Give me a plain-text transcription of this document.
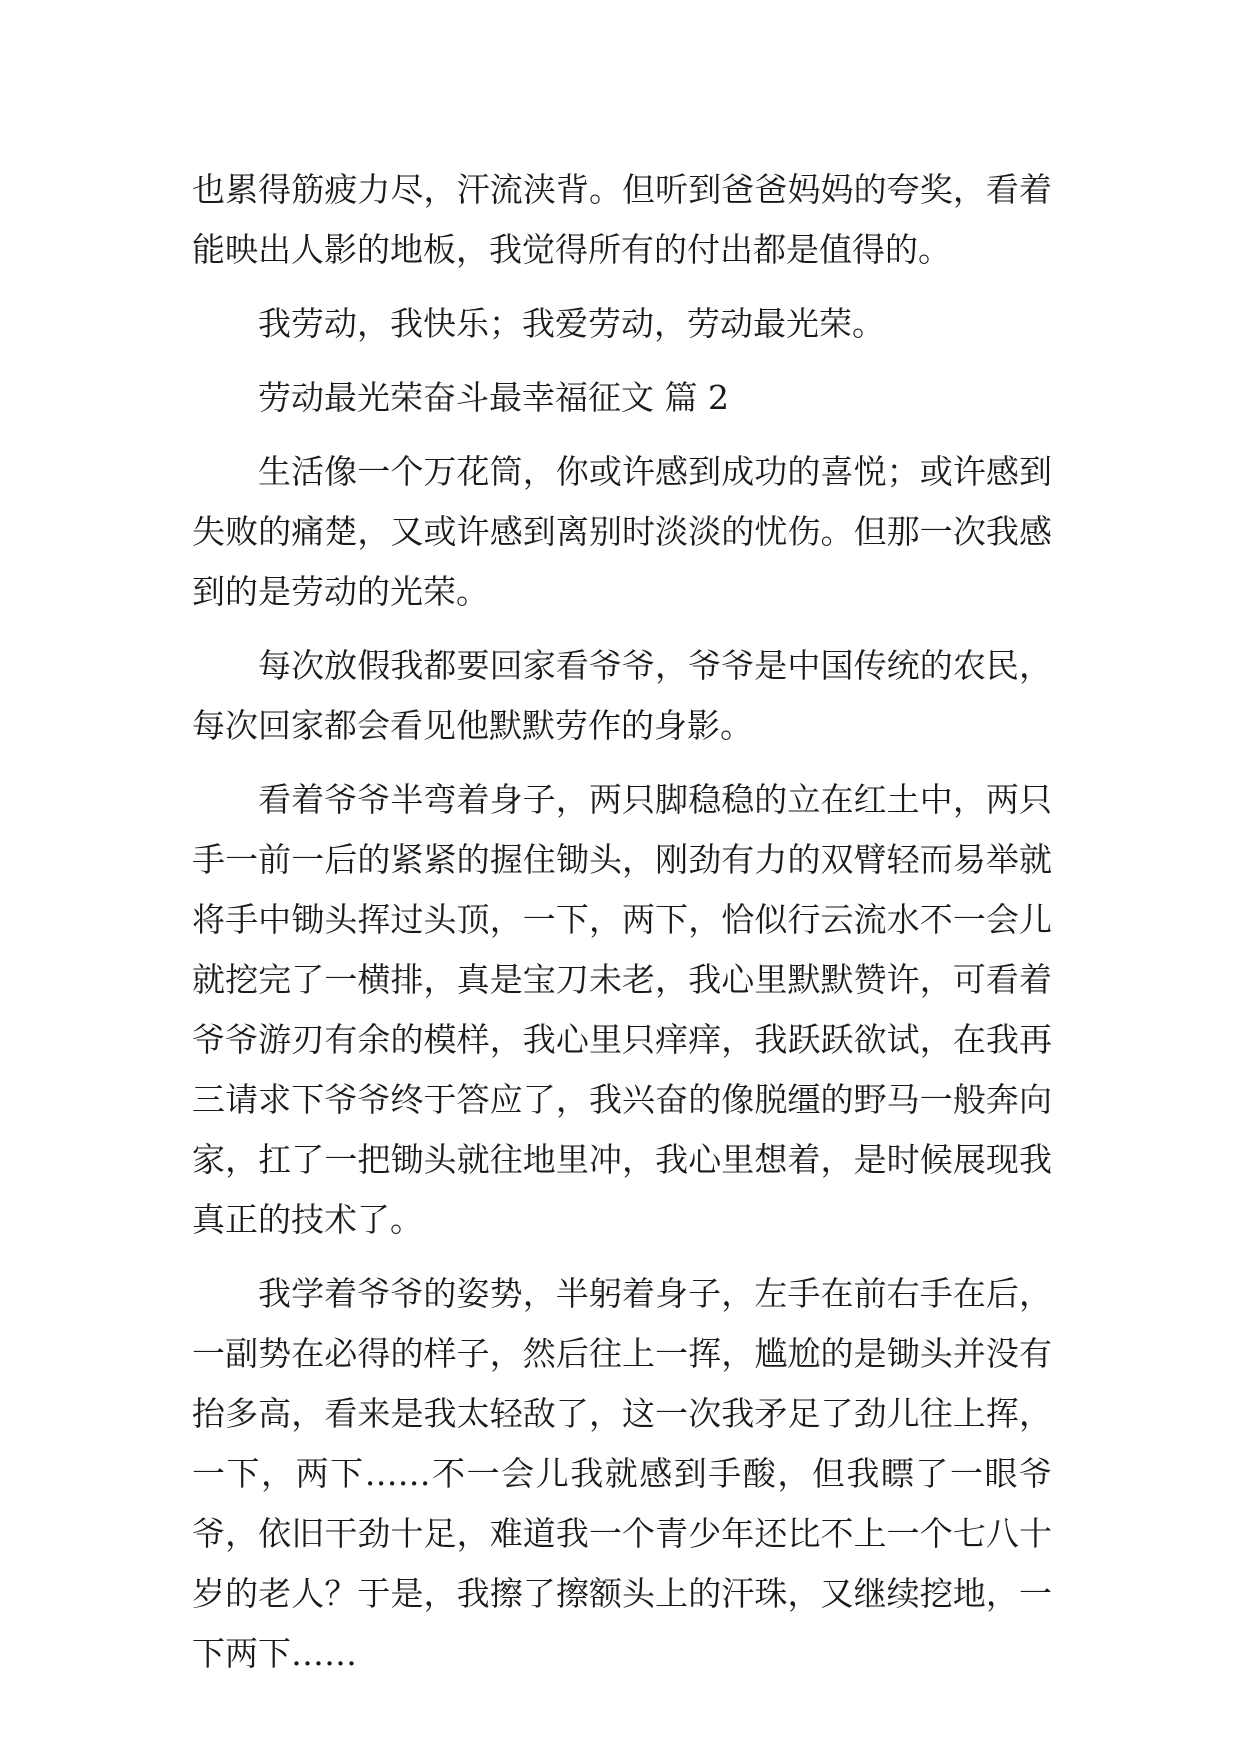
也累得筋疲力尽，汗流浃背。但听到爸爸妈妈的夸奖，看着能映出人影的地板，我觉得所有的付出都是值得的。

我劳动，我快乐；我爱劳动，劳动最光荣。

劳动最光荣奋斗最幸福征文 篇 2

生活像一个万花筒，你或许感到成功的喜悦；或许感到失败的痛楚，又或许感到离别时淡淡的忧伤。但那一次我感到的是劳动的光荣。

每次放假我都要回家看爷爷，爷爷是中国传统的农民，每次回家都会看见他默默劳作的身影。

看着爷爷半弯着身子，两只脚稳稳的立在红土中，两只手一前一后的紧紧的握住锄头，刚劲有力的双臂轻而易举就将手中锄头挥过头顶，一下，两下，恰似行云流水不一会儿就挖完了一横排，真是宝刀未老，我心里默默赞许，可看着爷爷游刃有余的模样，我心里只痒痒，我跃跃欲试，在我再三请求下爷爷终于答应了，我兴奋的像脱缰的野马一般奔向家，扛了一把锄头就往地里冲，我心里想着，是时候展现我真正的技术了。

我学着爷爷的姿势，半躬着身子，左手在前右手在后，一副势在必得的样子，然后往上一挥，尴尬的是锄头并没有抬多高，看来是我太轻敌了，这一次我矛足了劲儿往上挥，一下，两下……不一会儿我就感到手酸，但我瞟了一眼爷爷，依旧干劲十足，难道我一个青少年还比不上一个七八十岁的老人？于是，我擦了擦额头上的汗珠，又继续挖地，一下两下……
